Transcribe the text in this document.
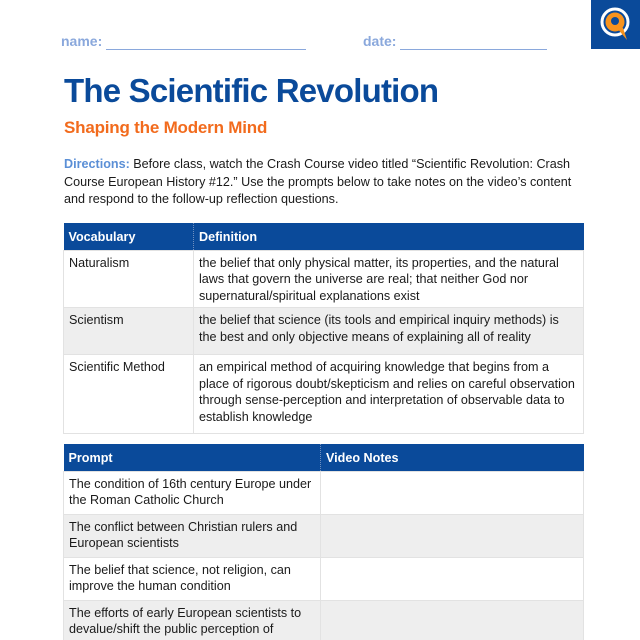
name:	date:
The Scientific Revolution
Shaping the Modern Mind

Directions: Before class, watch the Crash Course video titled “Scientific Revolution: Crash Course European History #12.” Use the prompts below to take notes on the video’s content and respond to the follow-up reflection questions.

Vocabulary	Definition
Naturalism	the belief that only physical matter, its properties, and the natural laws that govern the universe are real; that neither God nor supernatural/spiritual explanations exist
Scientism	the belief that science (its tools and empirical inquiry methods) is the best and only objective means of explaining all of reality
Scientific Method	an empirical method of acquiring knowledge that begins from a place of rigorous doubt/skepticism and relies on careful observation through sense-perception and interpretation of observable data to establish knowledge
Prompt	Video Notes
The condition of 16th century Europe under the Roman Catholic Church	
The conflict between Christian rulers and European scientists	
The belief that science, not religion, can improve the human condition	
The efforts of early European scientists to devalue/shift the public perception of	
